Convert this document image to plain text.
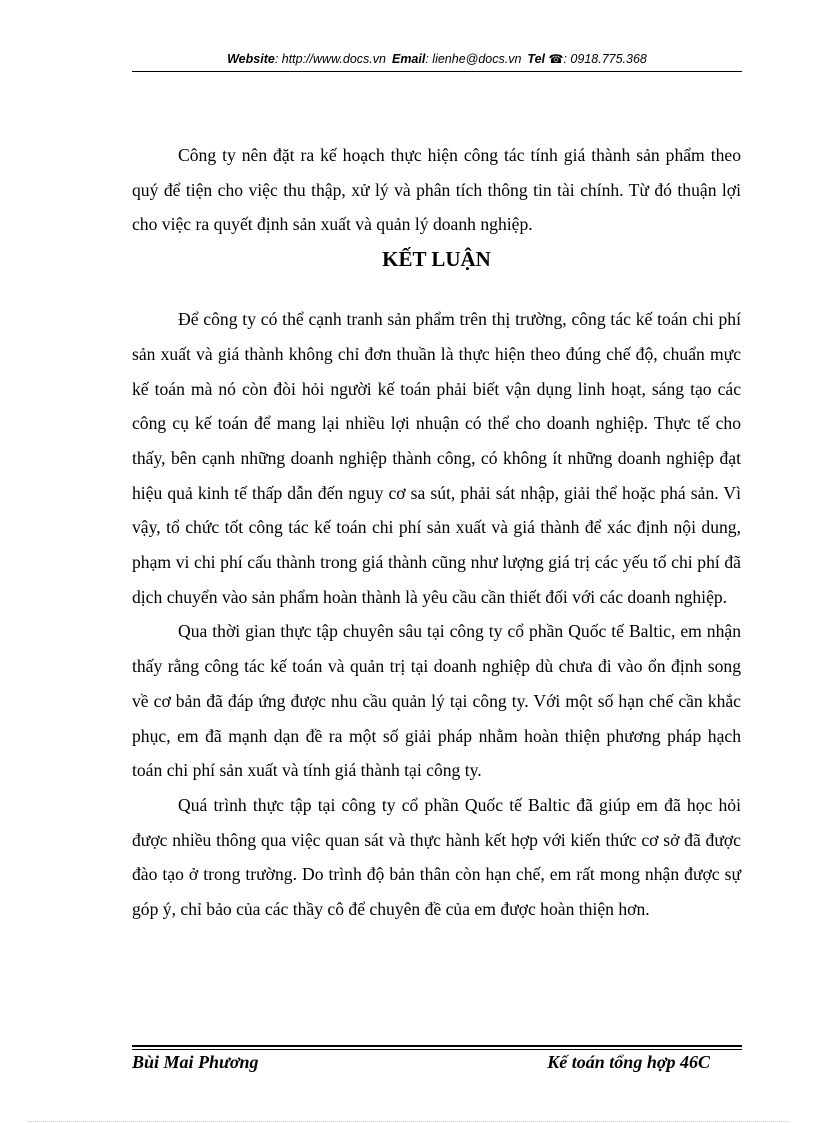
Website: http://www.docs.vn Email: lienhe@docs.vn Tel ☎: 0918.775.368

Công ty nên đặt ra kế hoạch thực hiện công tác tính giá thành sản phẩm theo quý để tiện cho việc thu thập, xử lý và phân tích thông tin tài chính. Từ đó thuận lợi cho việc ra quyết định sản xuất và quản lý doanh nghiệp.

KẾT LUẬN

Để công ty có thể cạnh tranh sản phẩm trên thị trường, công tác kế toán chi phí sản xuất và giá thành không chỉ đơn thuần là thực hiện theo đúng chế độ, chuẩn mực kế toán mà nó còn đòi hỏi người kế toán phải biết vận dụng linh hoạt, sáng tạo các công cụ kế toán để mang lại nhiều lợi nhuận có thể cho doanh nghiệp. Thực tế cho thấy, bên cạnh những doanh nghiệp thành công, có không ít những doanh nghiệp đạt hiệu quả kinh tế thấp dẫn đến nguy cơ sa sút, phải sát nhập, giải thể hoặc phá sản. Vì vậy, tổ chức tốt công tác kế toán chi phí sản xuất và giá thành để xác định nội dung, phạm vi chi phí cấu thành trong giá thành cũng như lượng giá trị các yếu tố chi phí đã dịch chuyển vào sản phẩm hoàn thành là yêu cầu cần thiết đối với các doanh nghiệp.

Qua thời gian thực tập chuyên sâu tại công ty cổ phần Quốc tế Baltic, em nhận thấy rằng công tác kế toán và quản trị tại doanh nghiệp dù chưa đi vào ổn định song về cơ bản đã đáp ứng được nhu cầu quản lý tại công ty. Với một số hạn chế cần khắc phục, em đã mạnh dạn đề ra một số giải pháp nhằm hoàn thiện phương pháp hạch toán chi phí sản xuất và tính giá thành tại công ty.

Quá trình thực tập tại công ty cổ phần Quốc tế Baltic đã giúp em đã học hỏi được nhiều thông qua việc quan sát và thực hành kết hợp với kiến thức cơ sở đã được đào tạo ở trong trường. Do trình độ bản thân còn hạn chế, em rất mong nhận được sự góp ý, chỉ bảo của các thầy cô để chuyên đề của em được hoàn thiện hơn.

Bùi Mai Phương	Kế toán tổng hợp 46C
